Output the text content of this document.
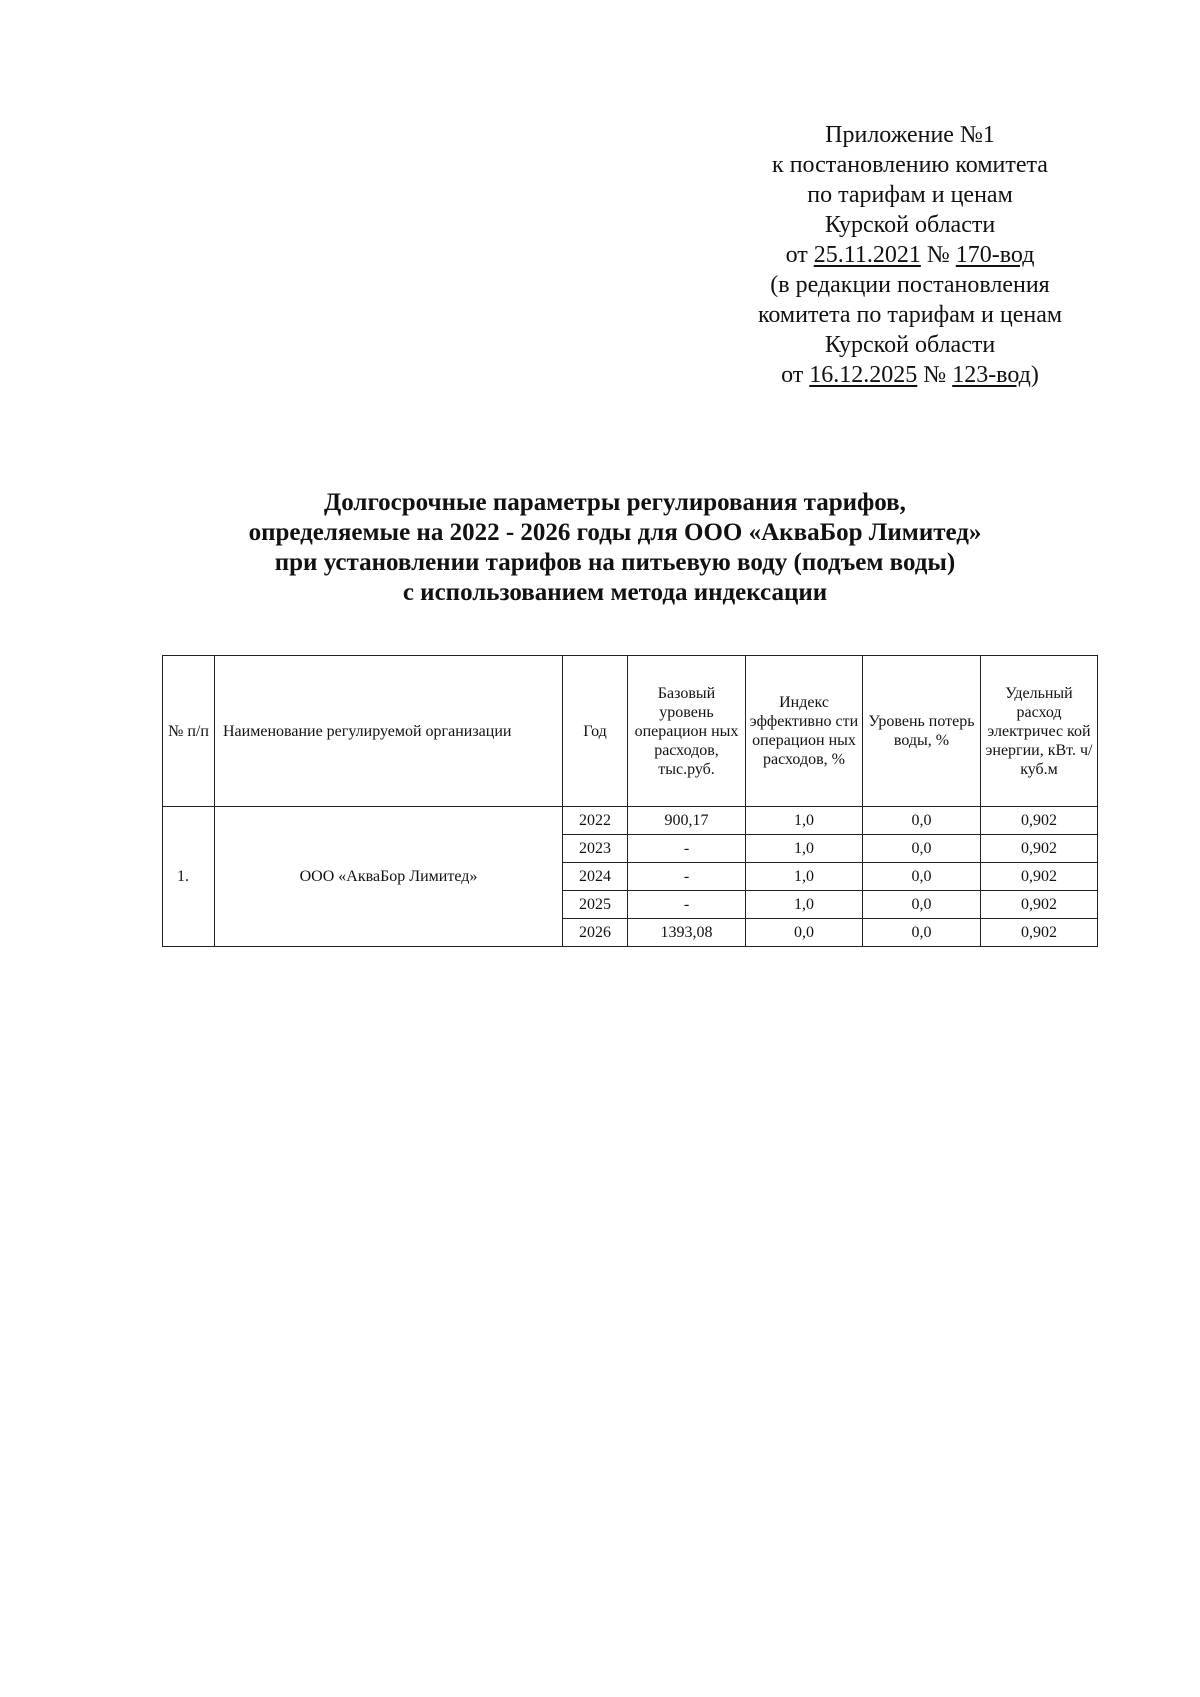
Приложение №1
к постановлению комитета
по тарифам и ценам
Курской области
от 25.11.2021 № 170-вод
(в редакции постановления
комитета по тарифам и ценам
Курской области
от 16.12.2025 № 123-вод)
Долгосрочные параметры регулирования тарифов,
определяемые на 2022 - 2026 годы для ООО «АкваБор Лимитед»
при установлении тарифов на питьевую воду (подъем воды)
с использованием метода индексации
№ п/п	Наименование регулируемой организации	Год	Базовый уровень операцион ных расходов, тыс.руб.	Индекс эффективно сти операцион ных расходов, %	Уровень потерь воды, %	Удельный расход электричес кой энергии, кВт. ч/куб.м
1.	ООО «АкваБор Лимитед»	2022	900,17	1,0	0,0	0,902
		2023	-	1,0	0,0	0,902
		2024	-	1,0	0,0	0,902
		2025	-	1,0	0,0	0,902
		2026	1393,08	0,0	0,0	0,902
